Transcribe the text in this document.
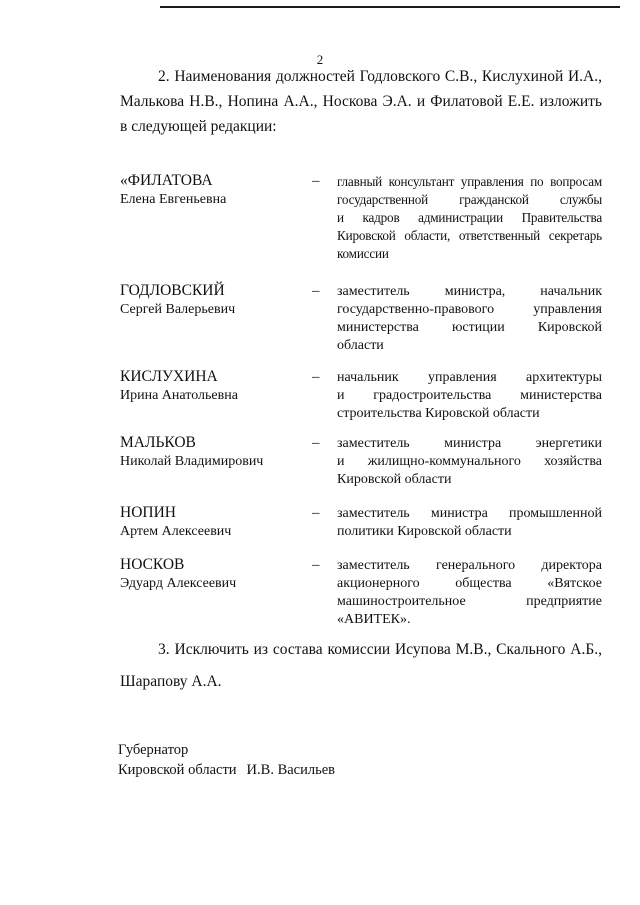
2
2. Наименования должностей Годловского С.В., Кислухиной И.А.,
Малькова Н.В., Нопина А.А., Носкова Э.А. и Филатовой Е.Е. изложить
в следующей редакции:
«ФИЛАТОВА
Елена Евгеньевна
– главный консультант управления по вопросам
государственной гражданской службы
и кадров администрации Правительства
Кировской области, ответственный секретарь
комиссии
ГОДЛОВСКИЙ
Сергей Валерьевич
– заместитель министра, начальник
государственно-правового управления
министерства юстиции Кировской
области
КИСЛУХИНА
Ирина Анатольевна
– начальник управления архитектуры
и градостроительства министерства
строительства Кировской области
МАЛЬКОВ
Николай Владимирович
– заместитель министра энергетики
и жилищно-коммунального хозяйства
Кировской области
НОПИН
Артем Алексеевич
– заместитель министра промышленной
политики Кировской области
НОСКОВ
Эдуард Алексеевич
– заместитель генерального директора
акционерного общества «Вятское
машиностроительное предприятие
«АВИТЕК».
3. Исключить из состава комиссии Исупова М.В., Скального А.Б.,
Шарапову А.А.
Губернатор
Кировской области И.В. Васильев
